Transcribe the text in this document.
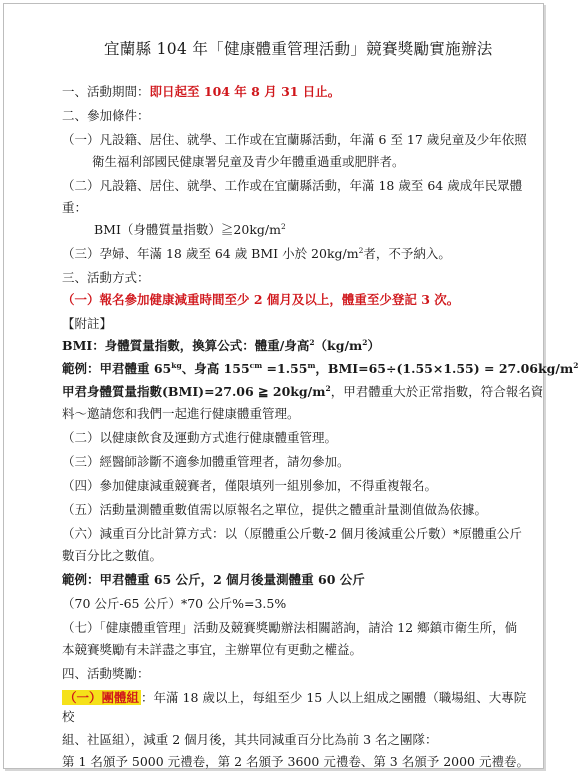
宜蘭縣 104 年「健康體重管理活動」競賽獎勵實施辦法
一、活動期間：即日起至 104 年 8 月 31 日止。
二、參加條件：
（一）凡設籍、居住、就學、工作或在宜蘭縣活動，年滿 6 至 17 歲兒童及少年依照
衛生福利部國民健康署兒童及青少年體重過重或肥胖者。
（二）凡設籍、居住、就學、工作或在宜蘭縣活動，年滿 18 歲至 64 歲成年民眾體
重：
BMI（身體質量指數）$≧20kg/m^2$
（三）孕婦、年滿 18 歲至 64 歲 BMI 小於 $20kg/m^2$者，不予納入。
三、活動方式：
（一）報名參加健康減重時間至少 2 個月及以上，體重至少登記 3 次。
【附註】
BMI：身體質量指數，換算公式：體重/身高$^2(kg/m^2)$
範例：甲君體重 $65^{kg}$、身高 $155^{cm} =1.55^m$，$BMI=65\div(1.55\times 1.55) = 27.06kg/m^2$
甲君身體質量指數(BMI)=27.06 ≧ $20kg/m^2$，甲君體重大於正常指數，符合報名資
料～邀請您和我們一起進行健康體重管理。
（二）以健康飲食及運動方式進行健康體重管理。
（三）經醫師診斷不適參加體重管理者，請勿參加。
（四）參加健康減重競賽者，僅限填列一組別參加，不得重複報名。
（五）活動量測體重數值需以原報名之單位，提供之體重計量測值做為依據。
（六）減重百分比計算方式：以（原體重公斤數-2 個月後減重公斤數）*原體重公斤
數百分比之數值。
範例：甲君體重 65 公斤，2 個月後量測體重 60 公斤
（70 公斤-65 公斤）*70 公斤%=3.5%
（七）「健康體重管理」活動及競賽獎勵辦法相關諮詢，請洽 12 鄉鎮市衛生所，倘
本競賽獎勵有未詳盡之事宜，主辦單位有更動之權益。
四、活動獎勵：
（一）團體組 ：年滿 18 歲以上，每組至少 15 人以上組成之團體（職場組、大專院
校
組、社區組），減重 2 個月後，其共同減重百分比為前 3 名之團隊：
第 1 名頒予 5000 元禮卷，第 2 名頒予 3600 元禮卷、第 3 名頒予 2000 元禮卷。
